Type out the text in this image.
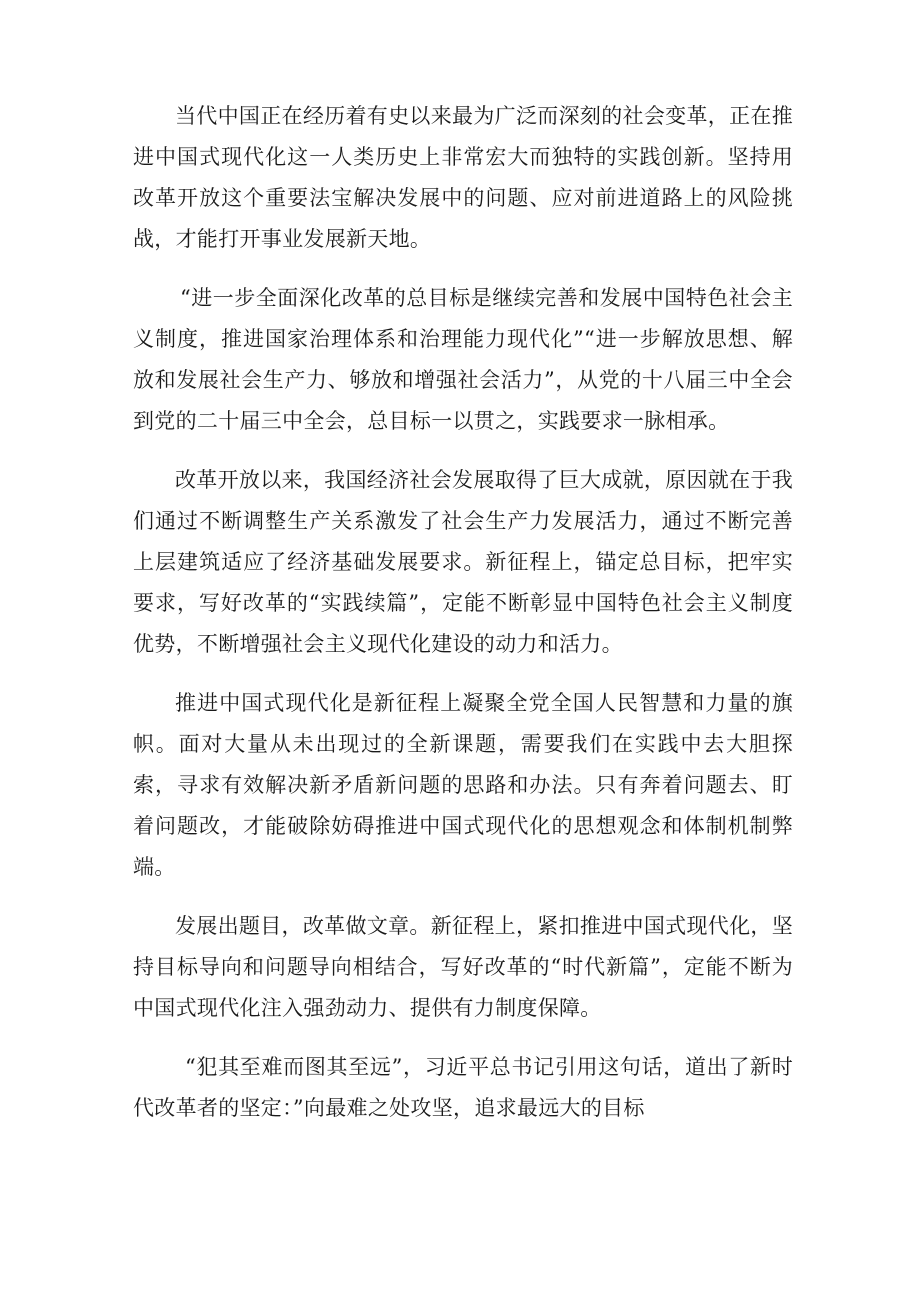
当代中国正在经历着有史以来最为广泛而深刻的社会变革，正在推进中国式现代化这一人类历史上非常宏大而独特的实践创新。坚持用改革开放这个重要法宝解决发展中的问题、应对前进道路上的风险挑战，才能打开事业发展新天地。

“进一步全面深化改革的总目标是继续完善和发展中国特色社会主义制度，推进国家治理体系和治理能力现代化”“进一步解放思想、解放和发展社会生产力、够放和增强社会活力”，从党的十八届三中全会到党的二十届三中全会，总目标一以贯之，实践要求一脉相承。

改革开放以来，我国经济社会发展取得了巨大成就，原因就在于我们通过不断调整生产关系激发了社会生产力发展活力，通过不断完善上层建筑适应了经济基础发展要求。新征程上，锚定总目标，把牢实要求，写好改革的“实践续篇”，定能不断彰显中国特色社会主义制度优势，不断增强社会主义现代化建设的动力和活力。

推进中国式现代化是新征程上凝聚全党全国人民智慧和力量的旗帜。面对大量从未出现过的全新课题，需要我们在实践中去大胆探索，寻求有效解决新矛盾新问题的思路和办法。只有奔着问题去、盯着问题改，才能破除妨碍推进中国式现代化的思想观念和体制机制弊端。

发展出题目，改革做文章。新征程上，紧扣推进中国式现代化，坚持目标导向和问题导向相结合，写好改革的“时代新篇”，定能不断为中国式现代化注入强劲动力、提供有力制度保障。

“犯其至难而图其至远”，习近平总书记引用这句话，道出了新时代改革者的坚定：”向最难之处攻坚，追求最远大的目标
